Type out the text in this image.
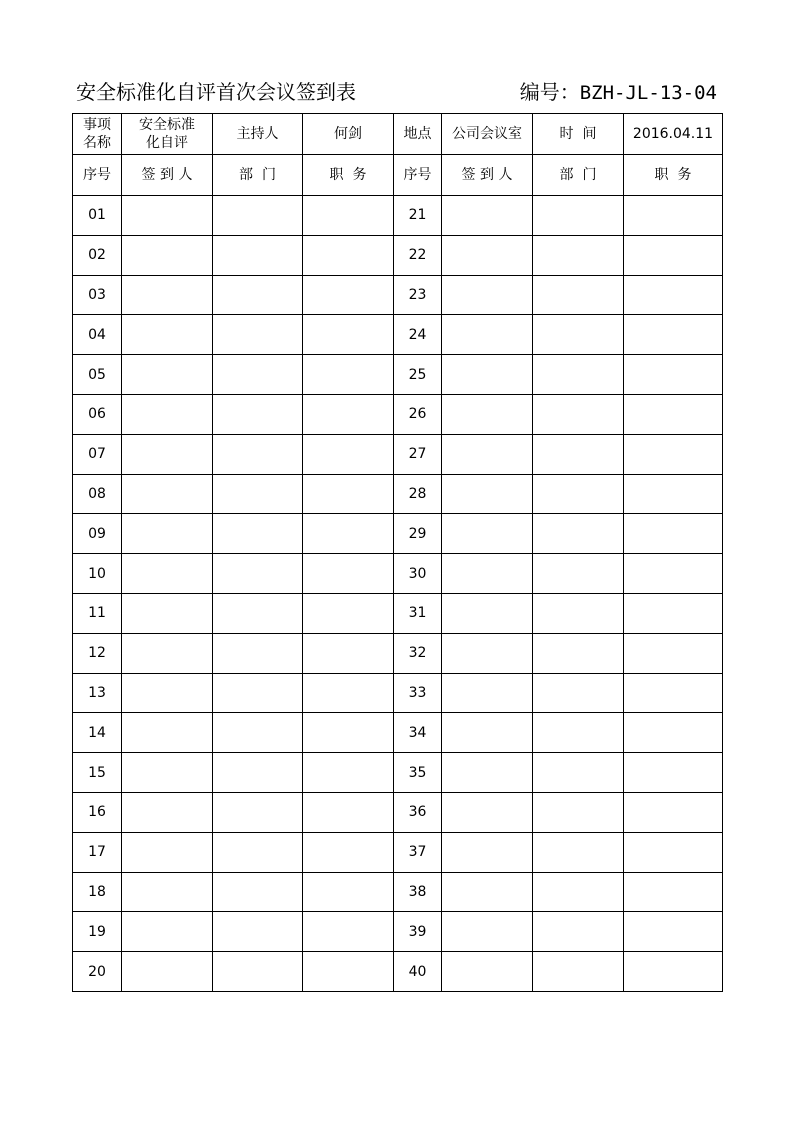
安全标准化自评首次会议签到表	编号：BZH-JL-13-04
事项名称	安全标准化自评	主持人	何剑	地点	公司会议室	时  间	2016.04.11
序号	签 到 人	部  门	职  务	序号	签 到 人	部  门	职  务
01				21			
02				22			
03				23			
04				24			
05				25			
06				26			
07				27			
08				28			
09				29			
10				30			
11				31			
12				32			
13				33			
14				34			
15				35			
16				36			
17				37			
18				38			
19				39			
20				40			
